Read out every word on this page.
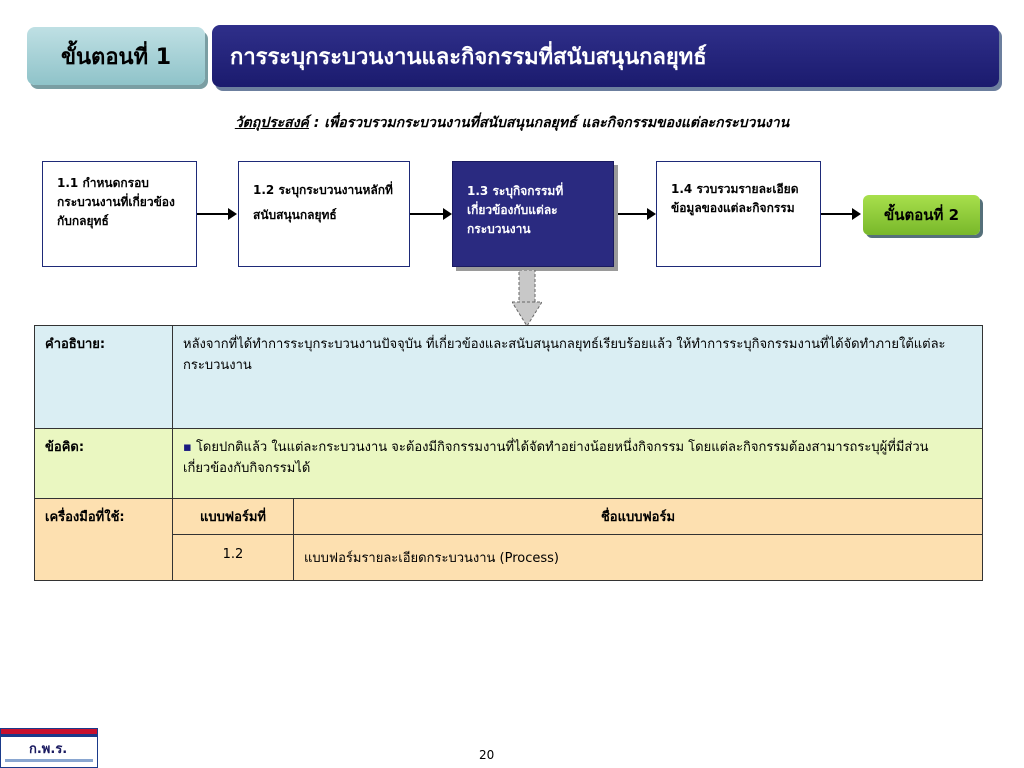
ขั้นตอนที่ 1	การระบุกระบวนงานและกิจกรรมที่สนับสนุนกลยุทธ์
วัตถุประสงค์ : เพื่อรวบรวมกระบวนงานที่สนับสนุนกลยุทธ์ และกิจกรรมของแต่ละกระบวนงาน
1.1 กำหนดกรอบกระบวนงานที่เกี่ยวข้องกับกลยุทธ์
1.2 ระบุกระบวนงานหลักที่สนับสนุนกลยุทธ์
1.3 ระบุกิจกรรมที่เกี่ยวข้องกับแต่ละกระบวนงาน
1.4 รวบรวมรายละเอียดข้อมูลของแต่ละกิจกรรม	ขั้นตอนที่ 2
คำอธิบาย:	หลังจากที่ได้ทำการระบุกระบวนงานปัจจุบัน ที่เกี่ยวข้องและสนับสนุนกลยุทธ์เรียบร้อยแล้ว ให้ทำการระบุกิจกรรมงานที่ได้จัดทำภายใต้แต่ละกระบวนงาน	
ข้อคิด:	▪ โดยปกติแล้ว ในแต่ละกระบวนงาน จะต้องมีกิจกรรมงานที่ได้จัดทำอย่างน้อยหนึ่งกิจกรรม โดยแต่ละกิจกรรมต้องสามารถระบุผู้ที่มีส่วนเกี่ยวข้องกับกิจกรรมได้	
เครื่องมือที่ใช้:	แบบฟอร์มที่	ชื่อแบบฟอร์ม
	1.2	แบบฟอร์มรายละเอียดกระบวนงาน (Process)
ก.พ.ร.	20
